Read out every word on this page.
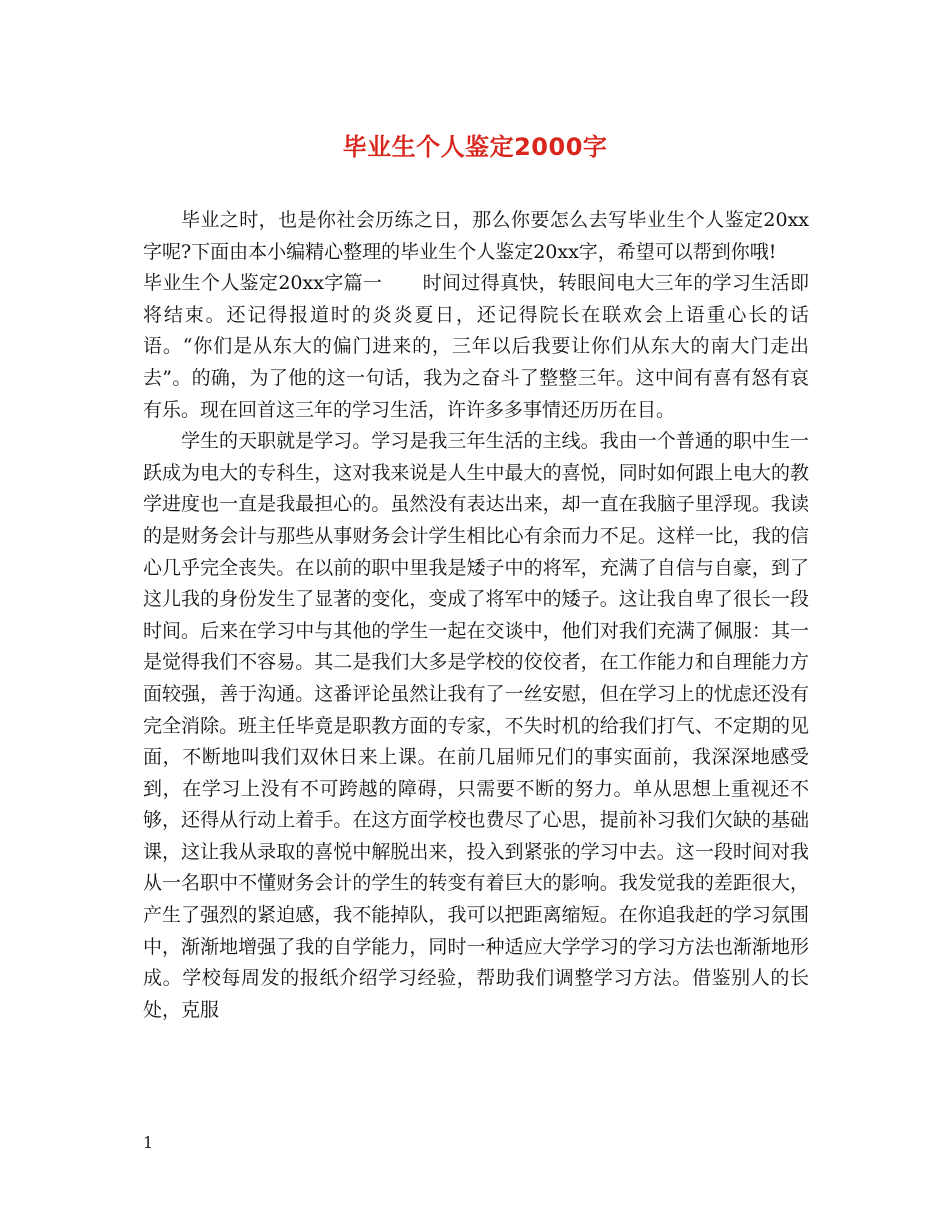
毕业生个人鉴定2000字

毕业之时，也是你社会历练之日，那么你要怎么去写毕业生个人鉴定20xx字呢?下面由本小编精心整理的毕业生个人鉴定20xx字，希望可以帮到你哦!

毕业生个人鉴定20xx字篇一 时间过得真快，转眼间电大三年的学习生活即将结束。还记得报道时的炎炎夏日，还记得院长在联欢会上语重心长的话语。“你们是从东大的偏门进来的，三年以后我要让你们从东大的南大门走出去”。的确，为了他的这一句话，我为之奋斗了整整三年。这中间有喜有怒有哀有乐。现在回首这三年的学习生活，许许多多事情还历历在目。

学生的天职就是学习。学习是我三年生活的主线。我由一个普通的职中生一跃成为电大的专科生，这对我来说是人生中最大的喜悦，同时如何跟上电大的教学进度也一直是我最担心的。虽然没有表达出来，却一直在我脑子里浮现。我读的是财务会计与那些从事财务会计学生相比心有余而力不足。这样一比，我的信心几乎完全丧失。在以前的职中里我是矮子中的将军，充满了自信与自豪，到了这儿我的身份发生了显著的变化，变成了将军中的矮子。这让我自卑了很长一段时间。后来在学习中与其他的学生一起在交谈中，他们对我们充满了佩服：其一是觉得我们不容易。其二是我们大多是学校的佼佼者，在工作能力和自理能力方面较强，善于沟通。这番评论虽然让我有了一丝安慰，但在学习上的忧虑还没有完全消除。班主任毕竟是职教方面的专家，不失时机的给我们打气、不定期的见面，不断地叫我们双休日来上课。在前几届师兄们的事实面前，我深深地感受到，在学习上没有不可跨越的障碍，只需要不断的努力。单从思想上重视还不够，还得从行动上着手。在这方面学校也费尽了心思，提前补习我们欠缺的基础课，这让我从录取的喜悦中解脱出来，投入到紧张的学习中去。这一段时间对我从一名职中不懂财务会计的学生的转变有着巨大的影响。我发觉我的差距很大，产生了强烈的紧迫感，我不能掉队，我可以把距离缩短。在你追我赶的学习氛围中，渐渐地增强了我的自学能力，同时一种适应大学学习的学习方法也渐渐地形成。学校每周发的报纸介绍学习经验，帮助我们调整学习方法。借鉴别人的长处，克服

1
